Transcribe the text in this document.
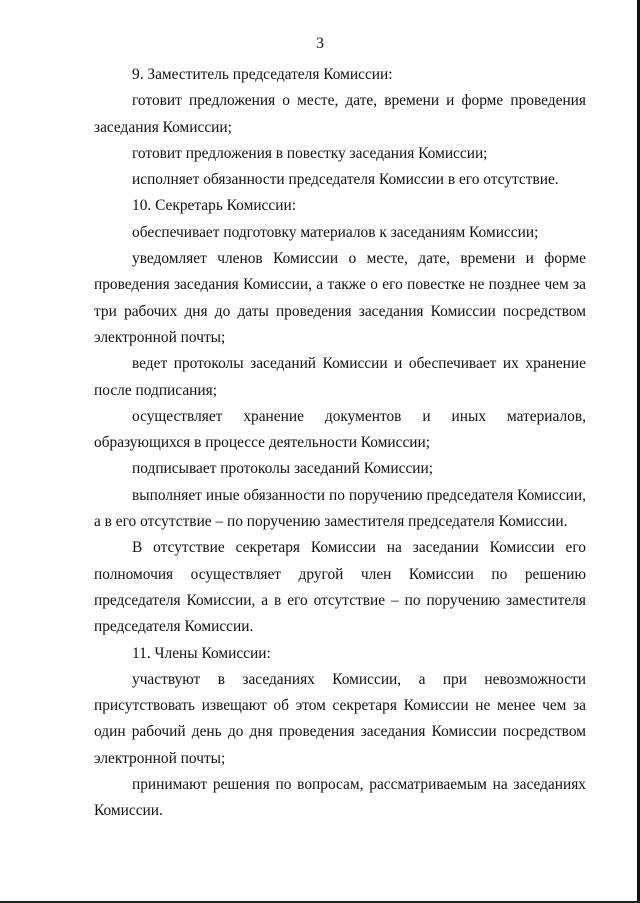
3

9. Заместитель председателя Комиссии:

готовит предложения о месте, дате, времени и форме проведения заседания Комиссии;

готовит предложения в повестку заседания Комиссии;

исполняет обязанности председателя Комиссии в его отсутствие.

10. Секретарь Комиссии:

обеспечивает подготовку материалов к заседаниям Комиссии;

уведомляет членов Комиссии о месте, дате, времени и форме проведения заседания Комиссии, а также о его повестке не позднее чем за три рабочих дня до даты проведения заседания Комиссии посредством электронной почты;

ведет протоколы заседаний Комиссии и обеспечивает их хранение после подписания;

осуществляет хранение документов и иных материалов, образующихся в процессе деятельности Комиссии;

подписывает протоколы заседаний Комиссии;

выполняет иные обязанности по поручению председателя Комиссии, а в его отсутствие – по поручению заместителя председателя Комиссии.

В отсутствие секретаря Комиссии на заседании Комиссии его полномочия осуществляет другой член Комиссии по решению председателя Комиссии, а в его отсутствие – по поручению заместителя председателя Комиссии.

11. Члены Комиссии:

участвуют в заседаниях Комиссии, а при невозможности присутствовать извещают об этом секретаря Комиссии не менее чем за один рабочий день до дня проведения заседания Комиссии посредством электронной почты;

принимают решения по вопросам, рассматриваемым на заседаниях Комиссии.
